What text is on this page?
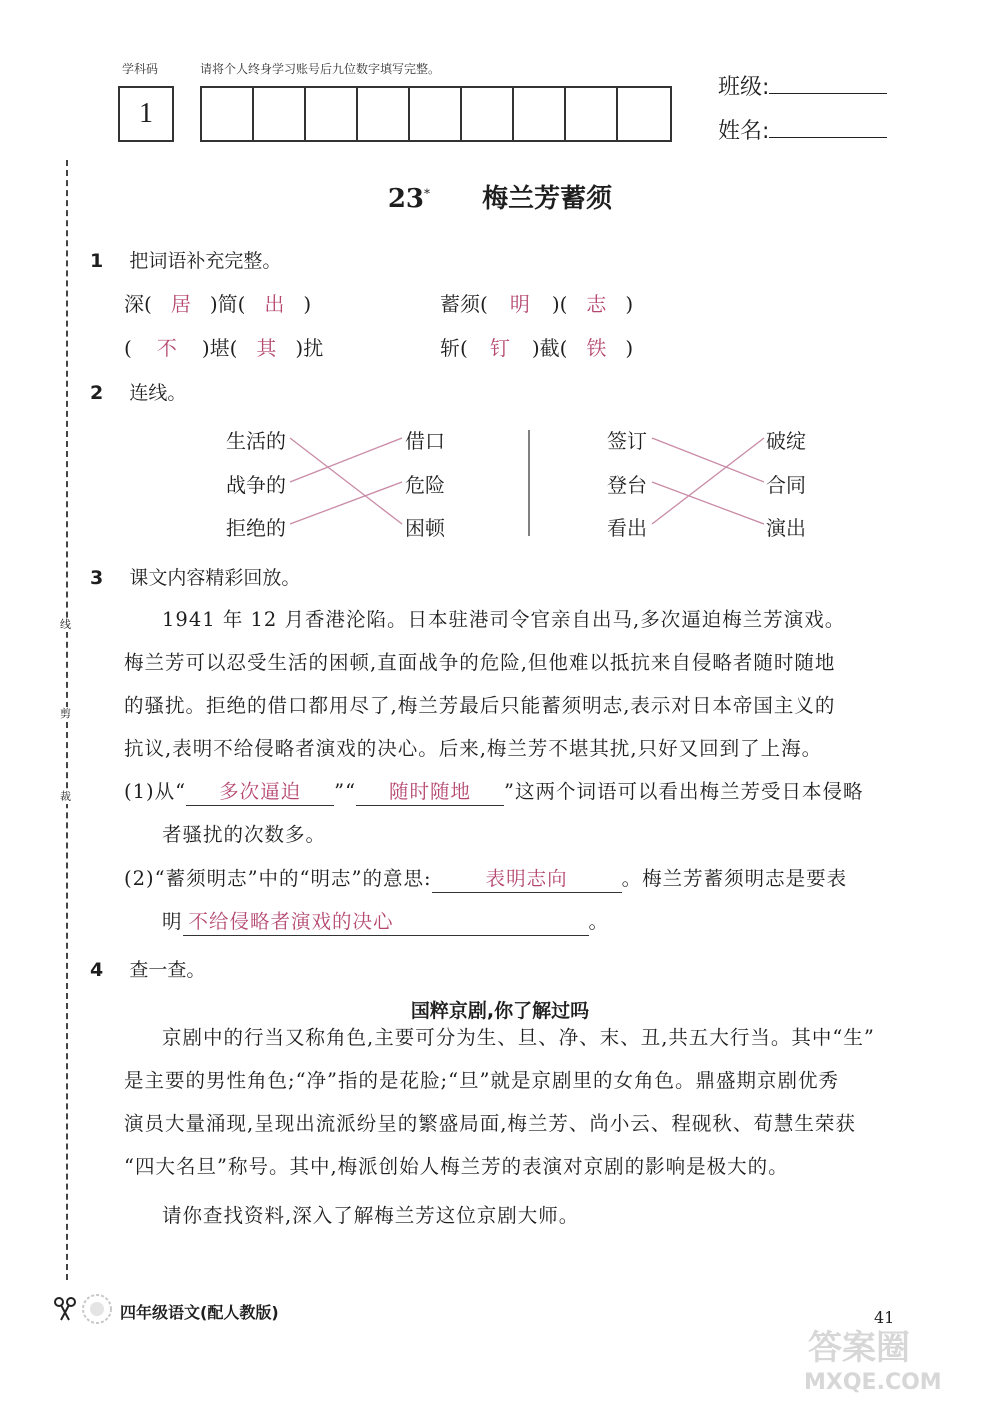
学科码	请将个人终身学习账号后九位数字填写完整。
1
班级:
姓名:
线
剪
裁
23* 梅兰芳蓄须
1 把词语补充完整。
深( 居 )简( 出 )	蓄须( 明 )( 志 )
( 不 )堪( 其 )扰	斩( 钉 )截( 铁 )
2 连线。
生活的
战争的
拒绝的
借口
危险
困顿
签订
登台
看出
破绽
合同
演出
3 课文内容精彩回放。
1941 年 12 月香港沦陷。日本驻港司令官亲自出马,多次逼迫梅兰芳演戏。
梅兰芳可以忍受生活的困顿,直面战争的危险,但他难以抵抗来自侵略者随时随地
的骚扰。拒绝的借口都用尽了,梅兰芳最后只能蓄须明志,表示对日本帝国主义的
抗议,表明不给侵略者演戏的决心。后来,梅兰芳不堪其扰,只好又回到了上海。
(1)从“ 多次逼迫 ”“ 随时随地 ”这两个词语可以看出梅兰芳受日本侵略
者骚扰的次数多。
(2)“蓄须明志”中的“明志”的意思:	表明志向	。梅兰芳蓄须明志是要表
明 不给侵略者演戏的决心	。
4 查一查。
国粹京剧,你了解过吗
京剧中的行当又称角色,主要可分为生、旦、净、末、丑,共五大行当。其中“生”
是主要的男性角色;“净”指的是花脸;“旦”就是京剧里的女角色。鼎盛期京剧优秀
演员大量涌现,呈现出流派纷呈的繁盛局面,梅兰芳、尚小云、程砚秋、荀慧生荣获
“四大名旦”称号。其中,梅派创始人梅兰芳的表演对京剧的影响是极大的。
请你查找资料,深入了解梅兰芳这位京剧大师。
四年级语文(配人教版)	41
答案圈
MXQE.COM
